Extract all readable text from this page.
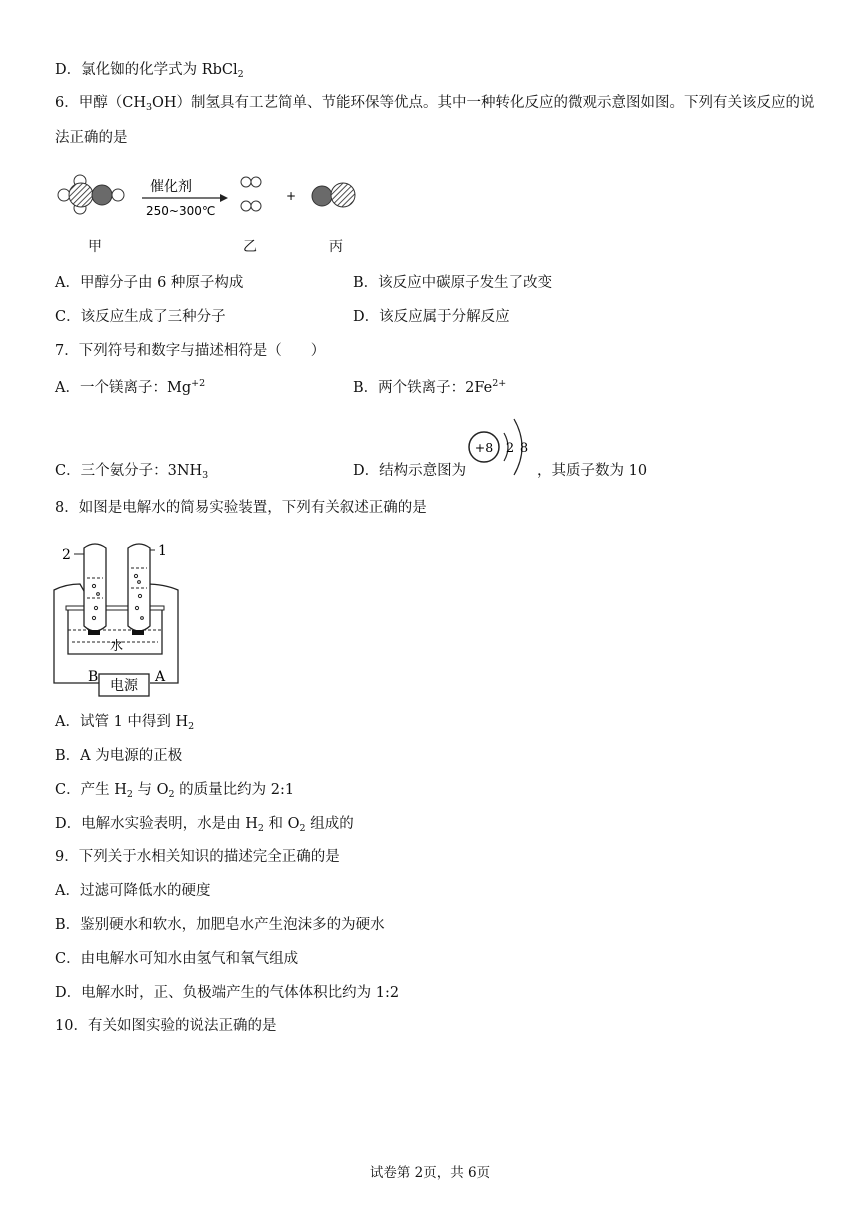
D．氯化铷的化学式为 RbCl$_2$
6．甲醇$(CH_3OH)$制氢具有工艺简单、节能环保等优点。其中一种转化反应的微观示意图如图。下列有关该反应的说
法正确的是
催化剂
250~300℃
+
甲	乙	丙
A．甲醇分子由 6 种原子构成	B．该反应中碳原子发生了改变
C．该反应生成了三种分子	D．该反应属于分解反应
7．下列符号和数字与描述相符是（　　）
A．一个镁离子：$Mg^{+2}$	B．两个铁离子：$2Fe^{2+}$
C．三个氨分子：$3NH_3$	D．结构示意图为	，其质子数为 10
+8 2 8
8．如图是电解水的简易实验装置，下列有关叙述正确的是
2	1
水
电源
B	A
A．试管 1 中得到 $H_2$
B．A 为电源的正极
C．产生 $H_2$ 与 $O_2$ 的质量比约为 2:1
D．电解水实验表明，水是由 $H_2$ 和 $O_2$ 组成的
9．下列关于水相关知识的描述完全正确的是
A．过滤可降低水的硬度
B．鉴别硬水和软水，加肥皂水产生泡沫多的为硬水
C．由电解水可知水由氢气和氧气组成
D．电解水时，正、负极端产生的气体体积比约为 1:2
10．有关如图实验的说法正确的是
试卷第 2页，共 6页
